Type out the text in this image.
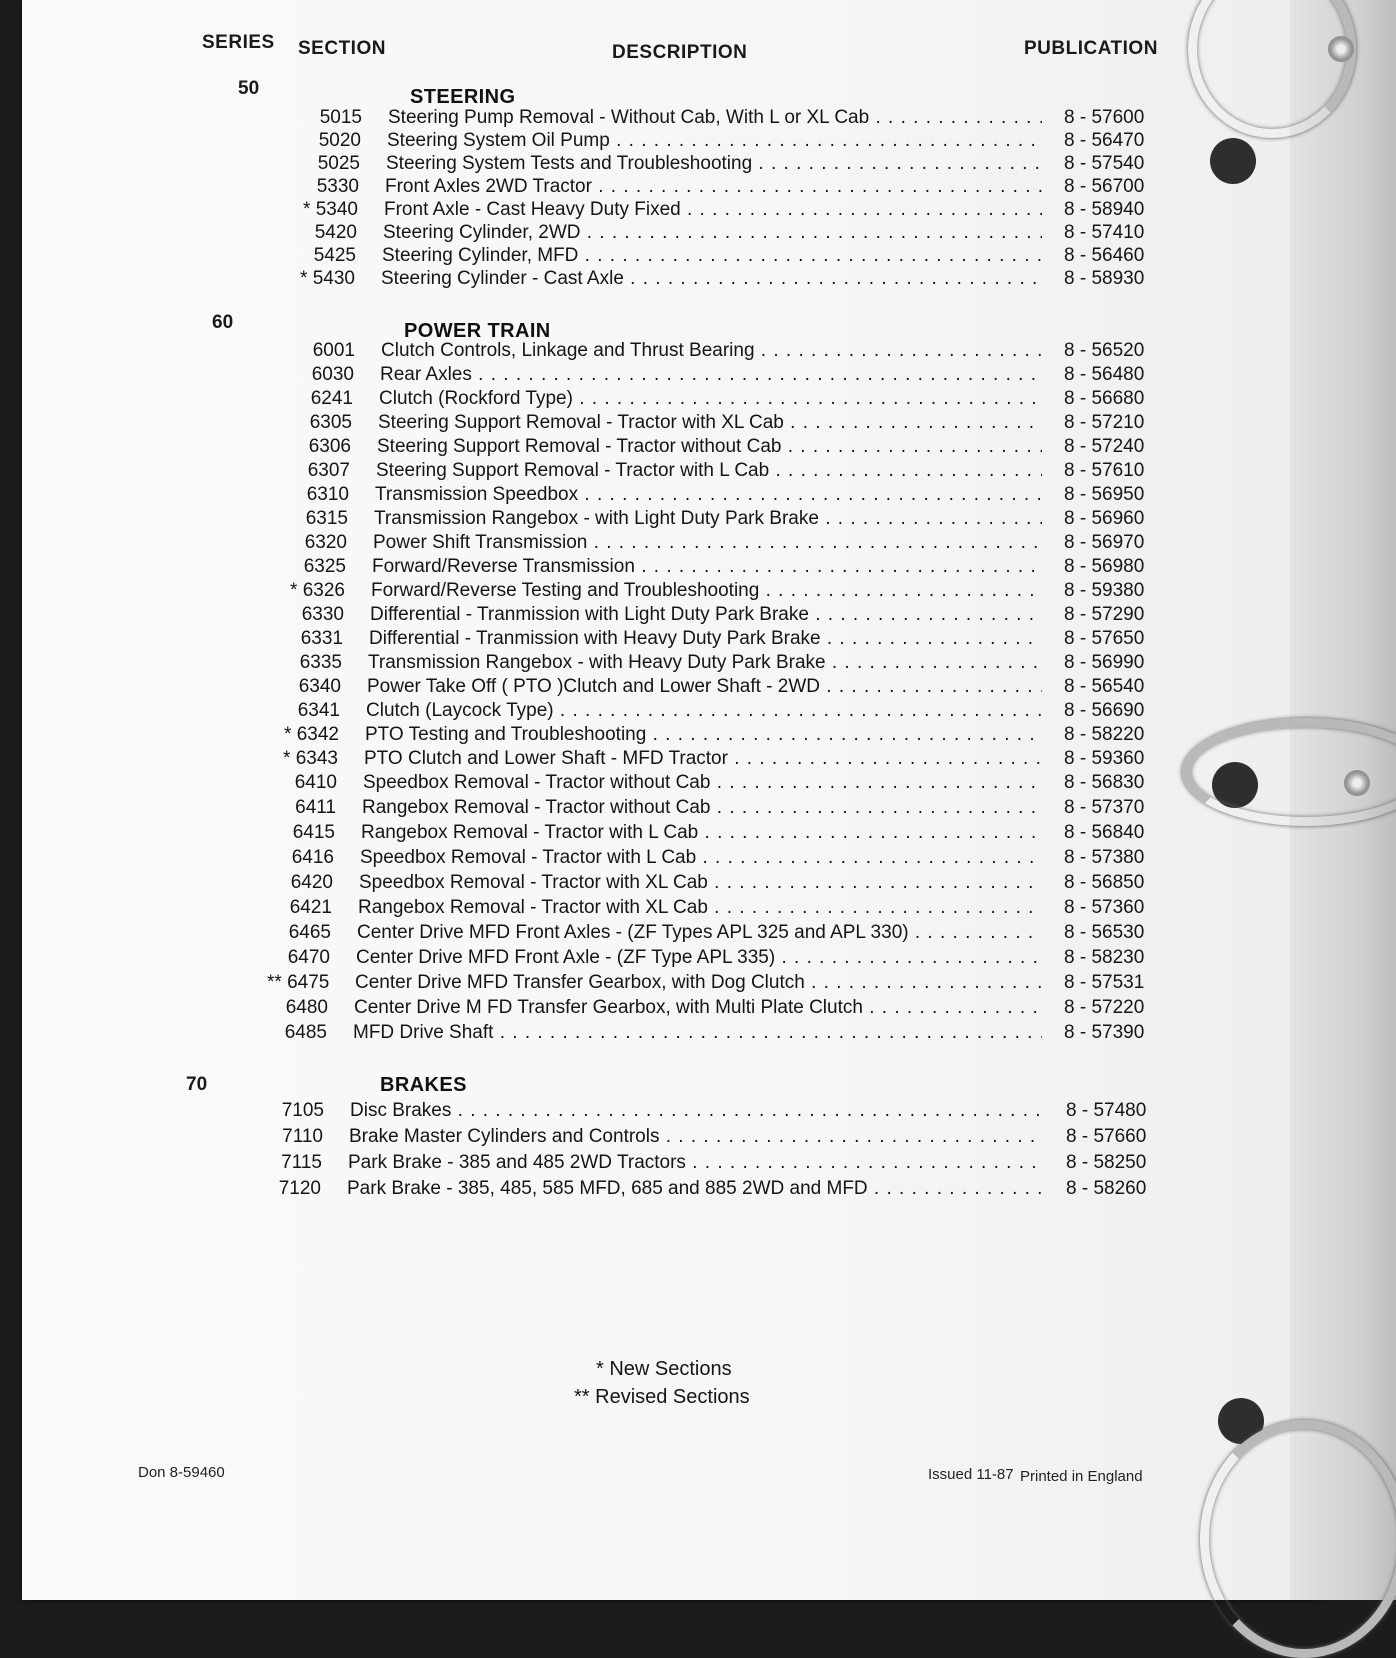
SERIES SECTION	DESCRIPTION	PUBLICATION
50	STEERING
5015 Steering Pump Removal - Without Cab, With L or XL Cab . . .	8 - 57600
5020 Steering System Oil Pump . . .	8 - 56470
5025 Steering System Tests and Troubleshooting . . .	8 - 57540
5330 Front Axles 2WD Tractor . . .	8 - 56700
* 5340 Front Axle - Cast Heavy Duty Fixed . . .	8 - 58940
5420 Steering Cylinder, 2WD . . .	8 - 57410
5425 Steering Cylinder, MFD . . .	8 - 56460
* 5430 Steering Cylinder - Cast Axle . . .	8 - 58930
60	POWER TRAIN
6001 Clutch Controls, Linkage and Thrust Bearing . . .	8 - 56520
6030 Rear Axles . . .	8 - 56480
6241 Clutch (Rockford Type) . . .	8 - 56680
6305 Steering Support Removal - Tractor with XL Cab . . .	8 - 57210
6306 Steering Support Removal - Tractor without Cab . . .	8 - 57240
6307 Steering Support Removal - Tractor with L Cab . . .	8 - 57610
6310 Transmission Speedbox . . .	8 - 56950
6315 Transmission Rangebox - with Light Duty Park Brake . . .	8 - 56960
6320 Power Shift Transmission . . .	8 - 56970
6325 Forward/Reverse Transmission . . .	8 - 56980
* 6326 Forward/Reverse Testing and Troubleshooting . . .	8 - 59380
6330 Differential - Tranmission with Light Duty Park Brake . . .	8 - 57290
6331 Differential - Tranmission with Heavy Duty Park Brake . . .	8 - 57650
6335 Transmission Rangebox - with Heavy Duty Park Brake . . .	8 - 56990
6340 Power Take Off ( PTO )Clutch and Lower Shaft - 2WD . . .	8 - 56540
6341 Clutch (Laycock Type) . . .	8 - 56690
* 6342 PTO Testing and Troubleshooting . . .	8 - 58220
* 6343 PTO Clutch and Lower Shaft - MFD Tractor . . .	8 - 59360
6410 Speedbox Removal - Tractor without Cab . . .	8 - 56830
6411 Rangebox Removal - Tractor without Cab . . .	8 - 57370
6415 Rangebox Removal - Tractor with L Cab . . .	8 - 56840
6416 Speedbox Removal - Tractor with L Cab . . .	8 - 57380
6420 Speedbox Removal - Tractor with XL Cab . . .	8 - 56850
6421 Rangebox Removal - Tractor with XL Cab . . .	8 - 57360
6465 Center Drive MFD Front Axles - (ZF Types APL 325 and APL 330) . . .	8 - 56530
6470 Center Drive MFD Front Axle - (ZF Type APL 335) . . .	8 - 58230
** 6475 Center Drive MFD Transfer Gearbox, with Dog Clutch . . .	8 - 57531
6480 Center Drive M FD Transfer Gearbox, with Multi Plate Clutch . . .	8 - 57220
6485 MFD Drive Shaft . . .	8 - 57390
70	BRAKES
7105 Disc Brakes . . .	8 - 57480
7110 Brake Master Cylinders and Controls . . .	8 - 57660
7115 Park Brake - 385 and 485 2WD Tractors . . .	8 - 58250
7120 Park Brake - 385, 485, 585 MFD, 685 and 885 2WD and MFD . . .	8 - 58260
* New Sections
** Revised Sections
Don 8-59460	Issued 11-87 Printed in England
